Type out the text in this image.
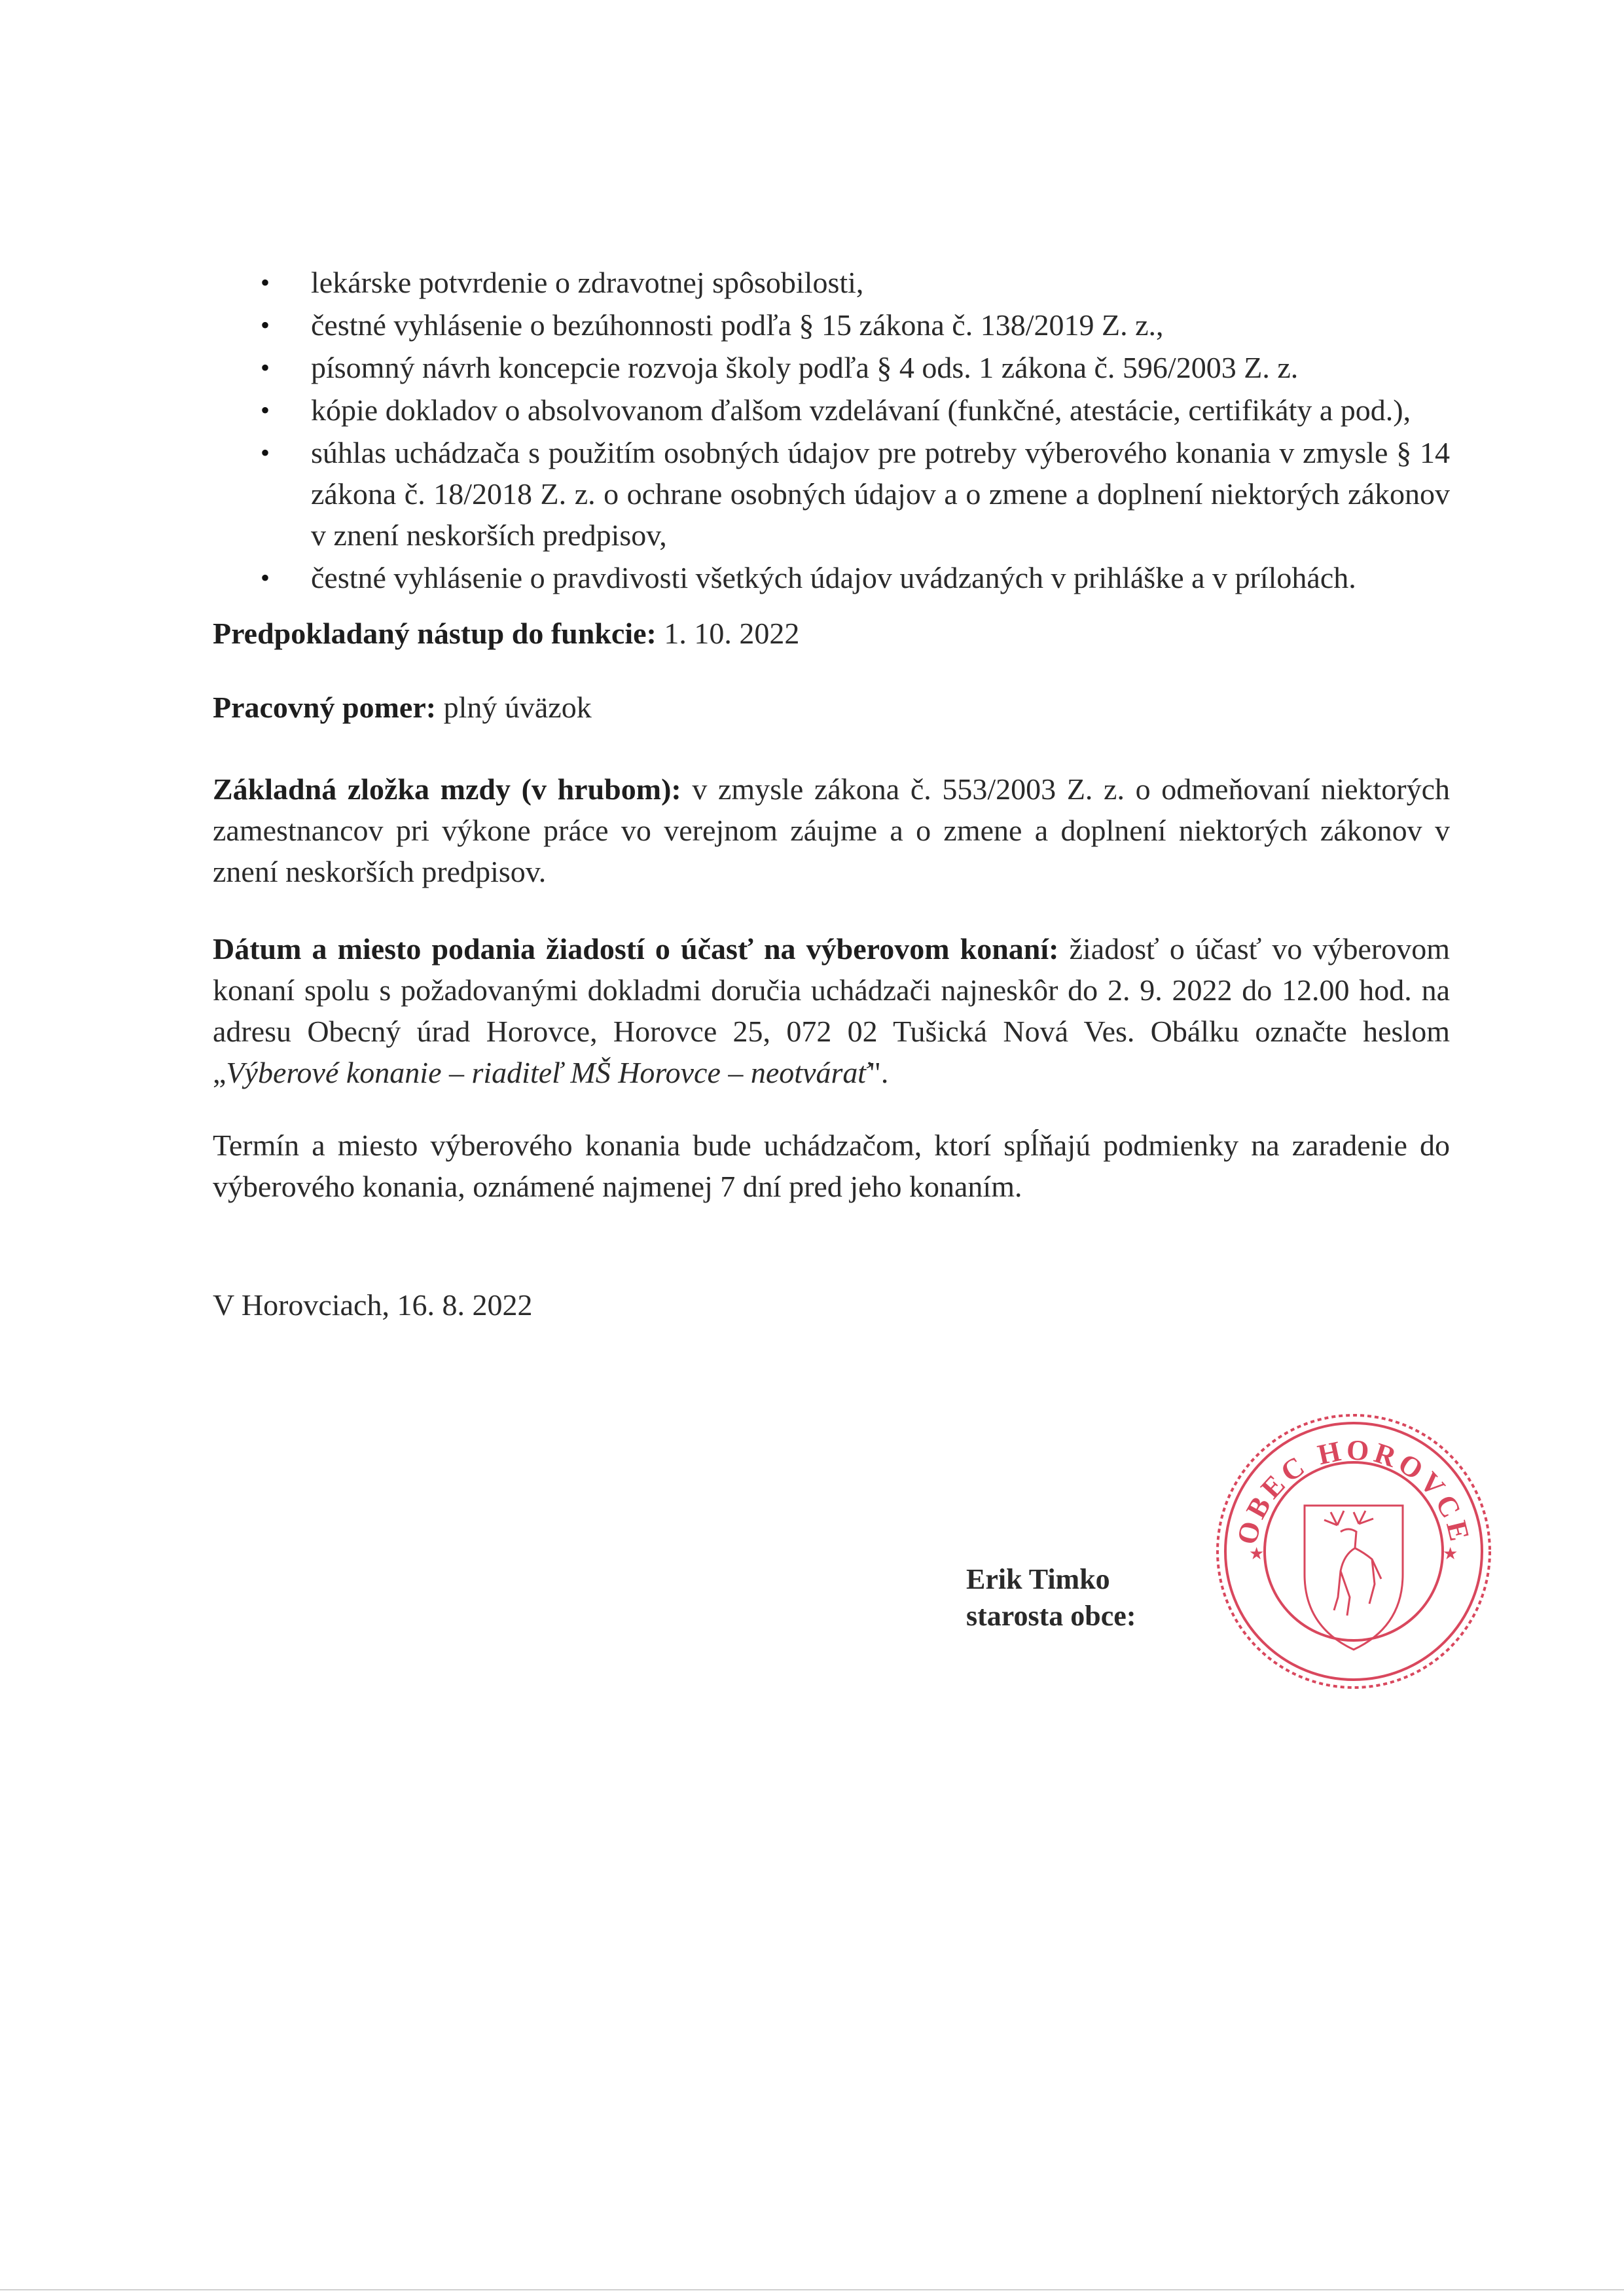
• lekárske potvrdenie o zdravotnej spôsobilosti,
• čestné vyhlásenie o bezúhonnosti podľa § 15 zákona č. 138/2019 Z. z.,
• písomný návrh koncepcie rozvoja školy podľa § 4 ods. 1 zákona č. 596/2003 Z. z.
• kópie dokladov o absolvovanom ďalšom vzdelávaní (funkčné, atestácie, certifikáty a pod.),
• súhlas uchádzača s použitím osobných údajov pre potreby výberového konania v zmysle § 14 zákona č. 18/2018 Z. z. o ochrane osobných údajov a o zmene a doplnení niektorých zákonov v znení neskorších predpisov,
• čestné vyhlásenie o pravdivosti všetkých údajov uvádzaných v prihláške a v prílohách.

Predpokladaný nástup do funkcie: 1. 10. 2022

Pracovný pomer: plný úväzok

Základná zložka mzdy (v hrubom): v zmysle zákona č. 553/2003 Z. z. o odmeňovaní niektorých zamestnancov pri výkone práce vo verejnom záujme a o zmene a doplnení niektorých zákonov v znení neskorších predpisov.

Dátum a miesto podania žiadostí o účasť na výberovom konaní: žiadosť o účasť vo výberovom konaní spolu s požadovanými dokladmi doručia uchádzači najneskôr do 2. 9. 2022 do 12.00 hod. na adresu Obecný úrad Horovce, Horovce 25, 072 02 Tušická Nová Ves. Obálku označte heslom „Výberové konanie – riaditeľ MŠ Horovce – neotvárať".

Termín a miesto výberového konania bude uchádzačom, ktorí spĺňajú podmienky na zaradenie do výberového konania, oznámené najmenej 7 dní pred jeho konaním.

V Horovciach, 16. 8. 2022

Erik Timko
starosta obce:
★	★
OBEC HOROVCE
